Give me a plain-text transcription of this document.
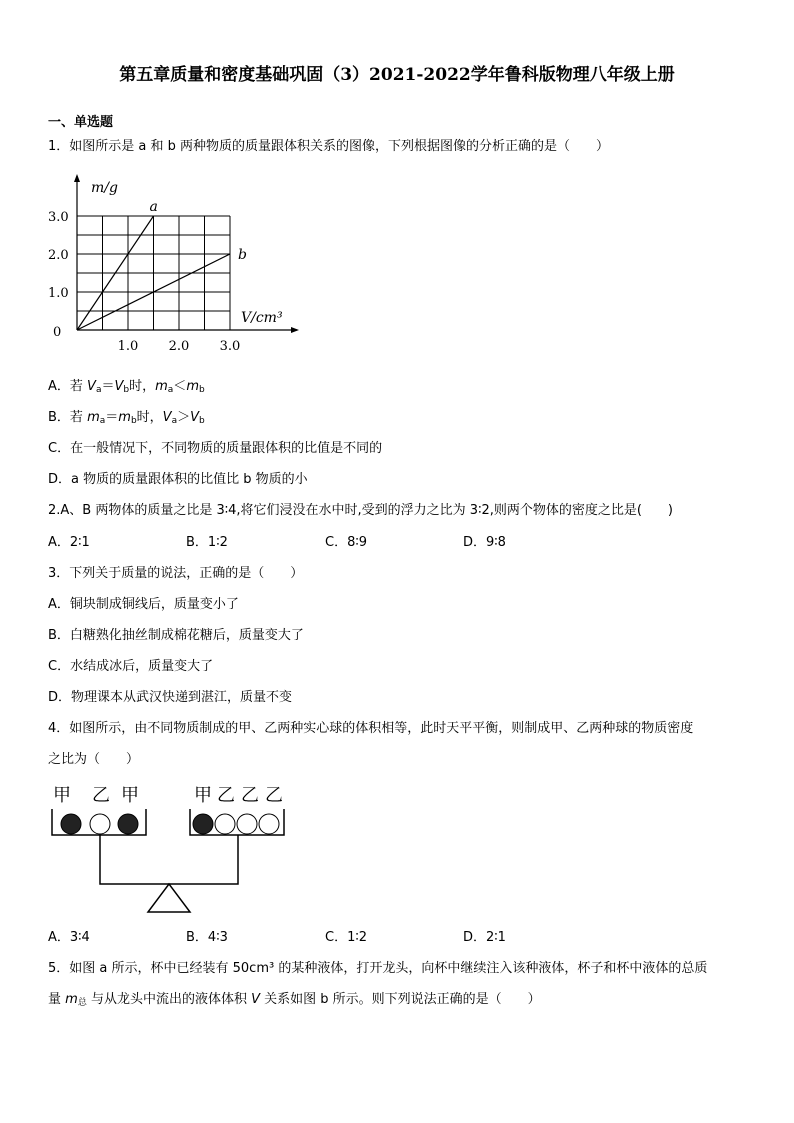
第五章质量和密度基础巩固（3）2021-2022学年鲁科版物理八年级上册
一、单选题
1．如图所示是 a 和 b 两种物质的质量跟体积关系的图像，下列根据图像的分析正确的是（　　）
a
b
1.0 2.0 3.0
1.0
2.0
3.0
0
m/g
V/cm³
A．若 $V_a=V_b$时，$m_a<m_b$
B．若 $m_a=m_b$时，$V_a>V_b$
C．在一般情况下，不同物质的质量跟体积的比值是不同的
D．a 物质的质量跟体积的比值比 b 物质的小
2.A、B 两物体的质量之比是 3∶4,将它们浸没在水中时,受到的浮力之比为 3∶2,则两个物体的密度之比是(　　)
A．2∶1	B．1∶2	C．8∶9	D．9∶8
3．下列关于质量的说法，正确的是（　　）
A．铜块制成铜线后，质量变小了
B．白糖熟化抽丝制成棉花糖后，质量变大了
C．水结成冰后，质量变大了
D．物理课本从武汉快递到湛江，质量不变
4．如图所示，由不同物质制成的甲、乙两种实心球的体积相等，此时天平平衡，则制成甲、乙两种球的物质密度
之比为（　　）
甲 乙 甲	甲 乙 乙 乙
A．3∶4	B．4∶3	C．1∶2	D．2∶1
5．如图 a 所示，杯中已经装有 50cm³ 的某种液体，打开龙头，向杯中继续注入该种液体，杯子和杯中液体的总质
量 $m_总$ 与从龙头中流出的液体体积 V 关系如图 b 所示。则下列说法正确的是（　　）
